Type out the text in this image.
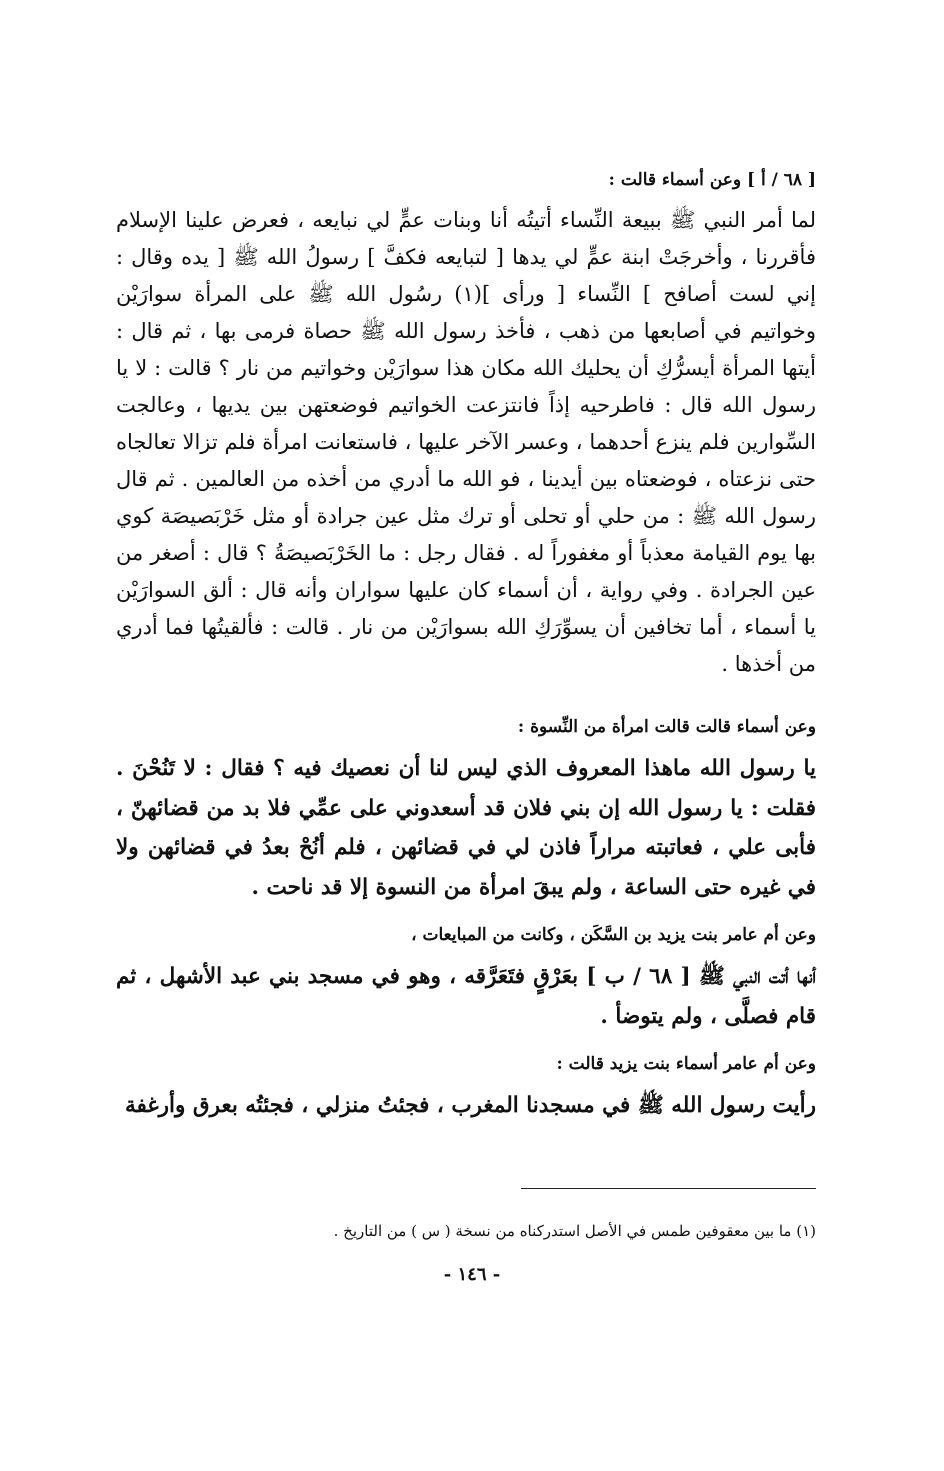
[ ٦٨ / أ ] وعن أسماء قالت :

لما أمر النبي ﷺ ببيعة النِّساء أتيتُه أنا وبنات عمٍّ لي نبايعه ، فعرض علينا الإسلام فأقررنا ، وأخرجَتْ ابنة عمٍّ لي يدها [ لتبايعه فكفَّ ] رسولُ الله ﷺ [ يده وقال : إني لست أصافح ] النِّساء [ ورأى ](١) رسُول الله ﷺ على المرأة سوارَيْن وخواتيم في أصابعها من ذهب ، فأخذ رسول الله ﷺ حصاة فرمى بها ، ثم قال : أيتها المرأة أيسرُّكِ أن يحليك الله مكان هذا سوارَيْن وخواتيم من نار ؟ قالت : لا يا رسول الله قال : فاطرحيه إذاً فانتزعت الخواتيم فوضعتهن بين يديها ، وعالجت السِّوارين فلم ينزع أحدهما ، وعسر الآخر عليها ، فاستعانت امرأة فلم تزالا تعالجاه حتى نزعتاه ، فوضعتاه بين أيدينا ، فو الله ما أدري من أخذه من العالمين . ثم قال رسول الله ﷺ : من حلي أو تحلى أو ترك مثل عين جرادة أو مثل خَرْبَصيصَة كوي بها يوم القيامة معذباً أو مغفوراً له . فقال رجل : ما الخَرْبَصيصَةُ ؟ قال : أصغر من عين الجرادة . وفي رواية ، أن أسماء كان عليها سواران وأنه قال : ألق السوارَيْن يا أسماء ، أما تخافين أن يسوِّرَكِ الله بسوارَيْن من نار . قالت : فألقيتُها فما أدري من أخذها .

وعن أسماء قالت قالت امرأة من النِّسوة :

يا رسول الله ماهذا المعروف الذي ليس لنا أن نعصيك فيه ؟ فقال : لا تَنُحْنَ . فقلت : يا رسول الله إن بني فلان قد أسعدوني على عمِّي فلا بد من قضائهنّ ، فأبى علي ، فعاتبته مراراً فاذن لي في قضائهن ، فلم أنُحْ بعدُ في قضائهن ولا في غيره حتى الساعة ، ولم يبقَ امرأة من النسوة إلا قد ناحت .

وعن أم عامر بنت يزيد بن السَّكَن ، وكانت من المبايعات ،

أنها أتت النبي ﷺ [ ٦٨ / ب ] بعَرْقٍ فتَعَرَّقه ، وهو في مسجد بني عبد الأشهل ، ثم قام فصلَّى ، ولم يتوضأ .

وعن أم عامر أسماء بنت يزيد قالت :

رأيت رسول الله ﷺ في مسجدنا المغرب ، فجئتُ منزلي ، فجئتُه بعرق وأرغفة

(١) ما بين معقوفين طمس في الأصل استدركناه من نسخة ( س ) من التاريخ .
- ١٤٦ -
